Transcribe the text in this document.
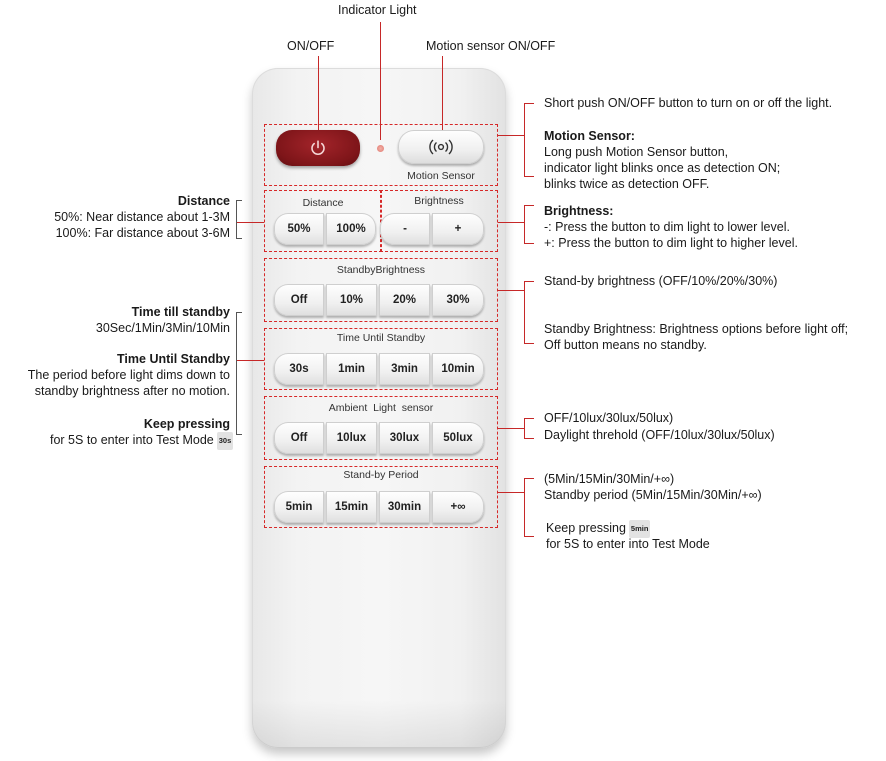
Indicator Light
ON/OFF	Motion sensor ON/OFF
Motion Sensor
Distance	Brightness
50%	100%	-	+
StandbyBrightness
Off	10%	20%	30%
Time Until Standby
30s	1min	3min	10min
Ambient  Light  sensor
Off	10lux	30lux	50lux
Stand-by Period
5min	15min	30min	+∞
Short push ON/OFF button to turn on or off the light.
Motion Sensor:
Long push Motion Sensor button,
indicator light blinks once as detection ON;
blinks twice as detection OFF.
Brightness:
-: Press the button to dim light to lower level.
+: Press the button to dim light to higher level.
Stand-by brightness (OFF/10%/20%/30%)
Standby Brightness: Brightness options before light off;
Off button means no standby.
OFF/10lux/30lux/50lux)
Daylight threhold (OFF/10lux/30lux/50lux)
(5Min/15Min/30Min/+∞)
Standby period (5Min/15Min/30Min/+∞)
Keep pressing 5min
for 5S to enter into Test Mode
Distance
50%: Near distance about 1-3M
100%: Far distance about 3-6M
Time till standby
30Sec/1Min/3Min/10Min
Time Until Standby
The period before light dims down to
standby brightness after no motion.
Keep pressing
for 5S to enter into Test Mode 30s
